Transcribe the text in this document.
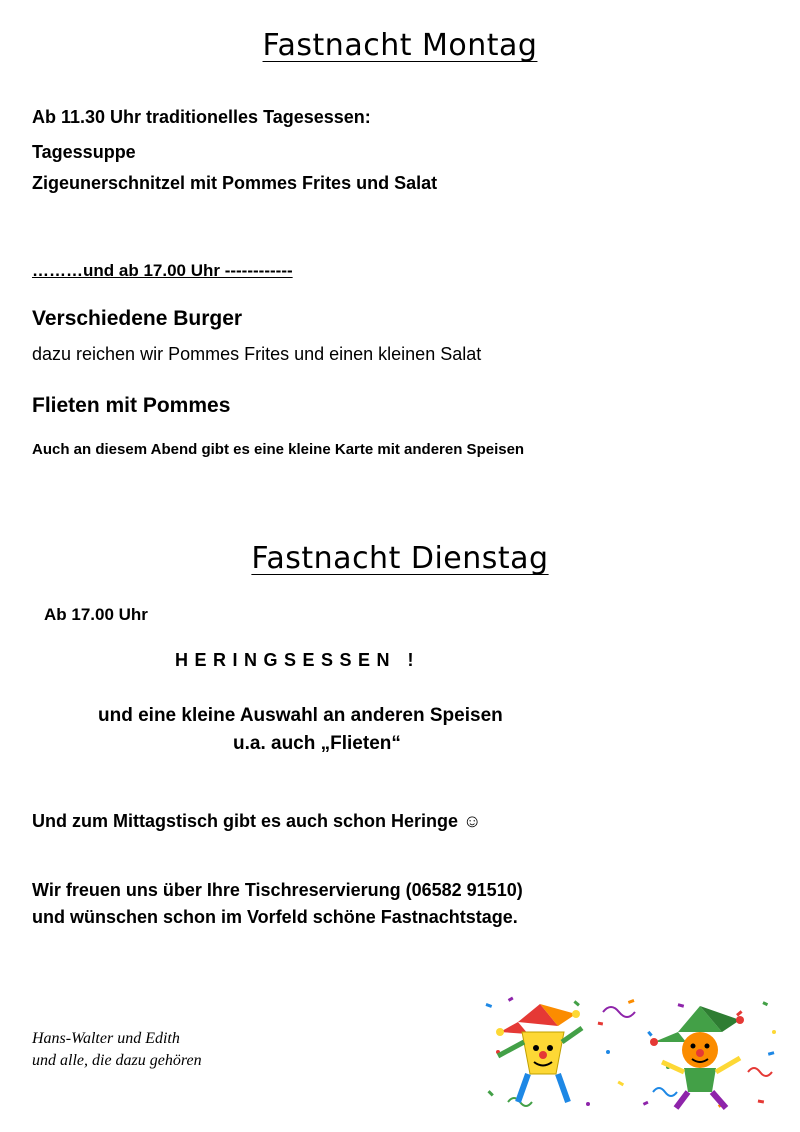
Fastnacht Montag
Ab 11.30 Uhr traditionelles Tagesessen:
Tagessuppe
Zigeunerschnitzel mit Pommes Frites und Salat
………und ab 17.00 Uhr ------------
Verschiedene Burger
dazu reichen wir Pommes Frites und einen kleinen Salat
Flieten mit Pommes
Auch an diesem Abend gibt es eine kleine Karte mit anderen Speisen
Fastnacht Dienstag
Ab 17.00 Uhr
HERINGSESSEN !
und eine kleine Auswahl an anderen Speisen
u.a. auch „Flieten“
Und zum Mittagstisch gibt es auch schon Heringe ☺
Wir freuen uns über Ihre Tischreservierung (06582 91510)
und wünschen schon im Vorfeld schöne Fastnachtstage.
Hans-Walter und Edith
und alle, die dazu gehören
